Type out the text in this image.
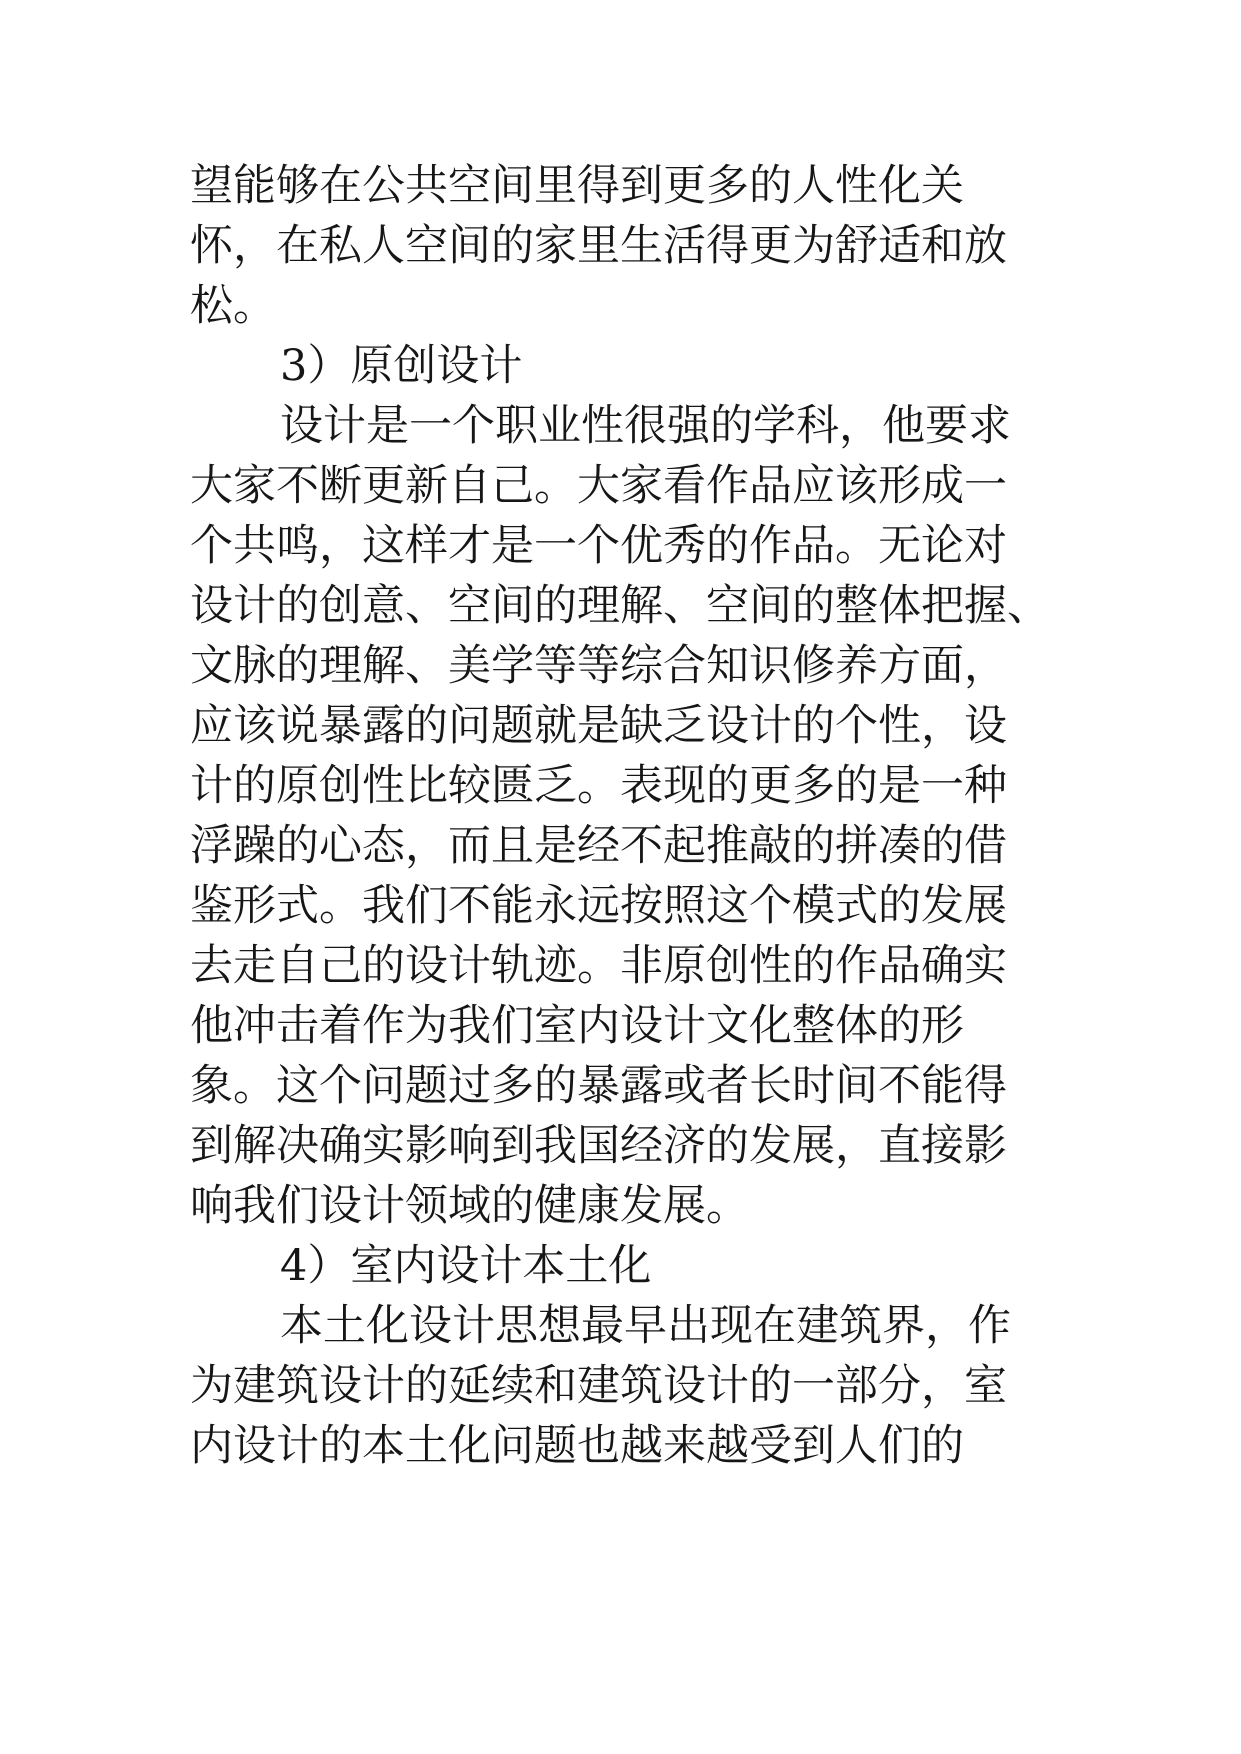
望能够在公共空间里得到更多的人性化关

怀，在私人空间的家里生活得更为舒适和放

松。

3）原创设计

设计是一个职业性很强的学科，他要求

大家不断更新自己。大家看作品应该形成一

个共鸣，这样才是一个优秀的作品。无论对

设计的创意、空间的理解、空间的整体把握、

文脉的理解、美学等等综合知识修养方面，

应该说暴露的问题就是缺乏设计的个性，设

计的原创性比较匮乏。表现的更多的是一种

浮躁的心态，而且是经不起推敲的拼凑的借

鉴形式。我们不能永远按照这个模式的发展

去走自己的设计轨迹。非原创性的作品确实

他冲击着作为我们室内设计文化整体的形

象。这个问题过多的暴露或者长时间不能得

到解决确实影响到我国经济的发展，直接影

响我们设计领域的健康发展。

4）室内设计本土化

本土化设计思想最早出现在建筑界，作

为建筑设计的延续和建筑设计的一部分，室

内设计的本土化问题也越来越受到人们的
